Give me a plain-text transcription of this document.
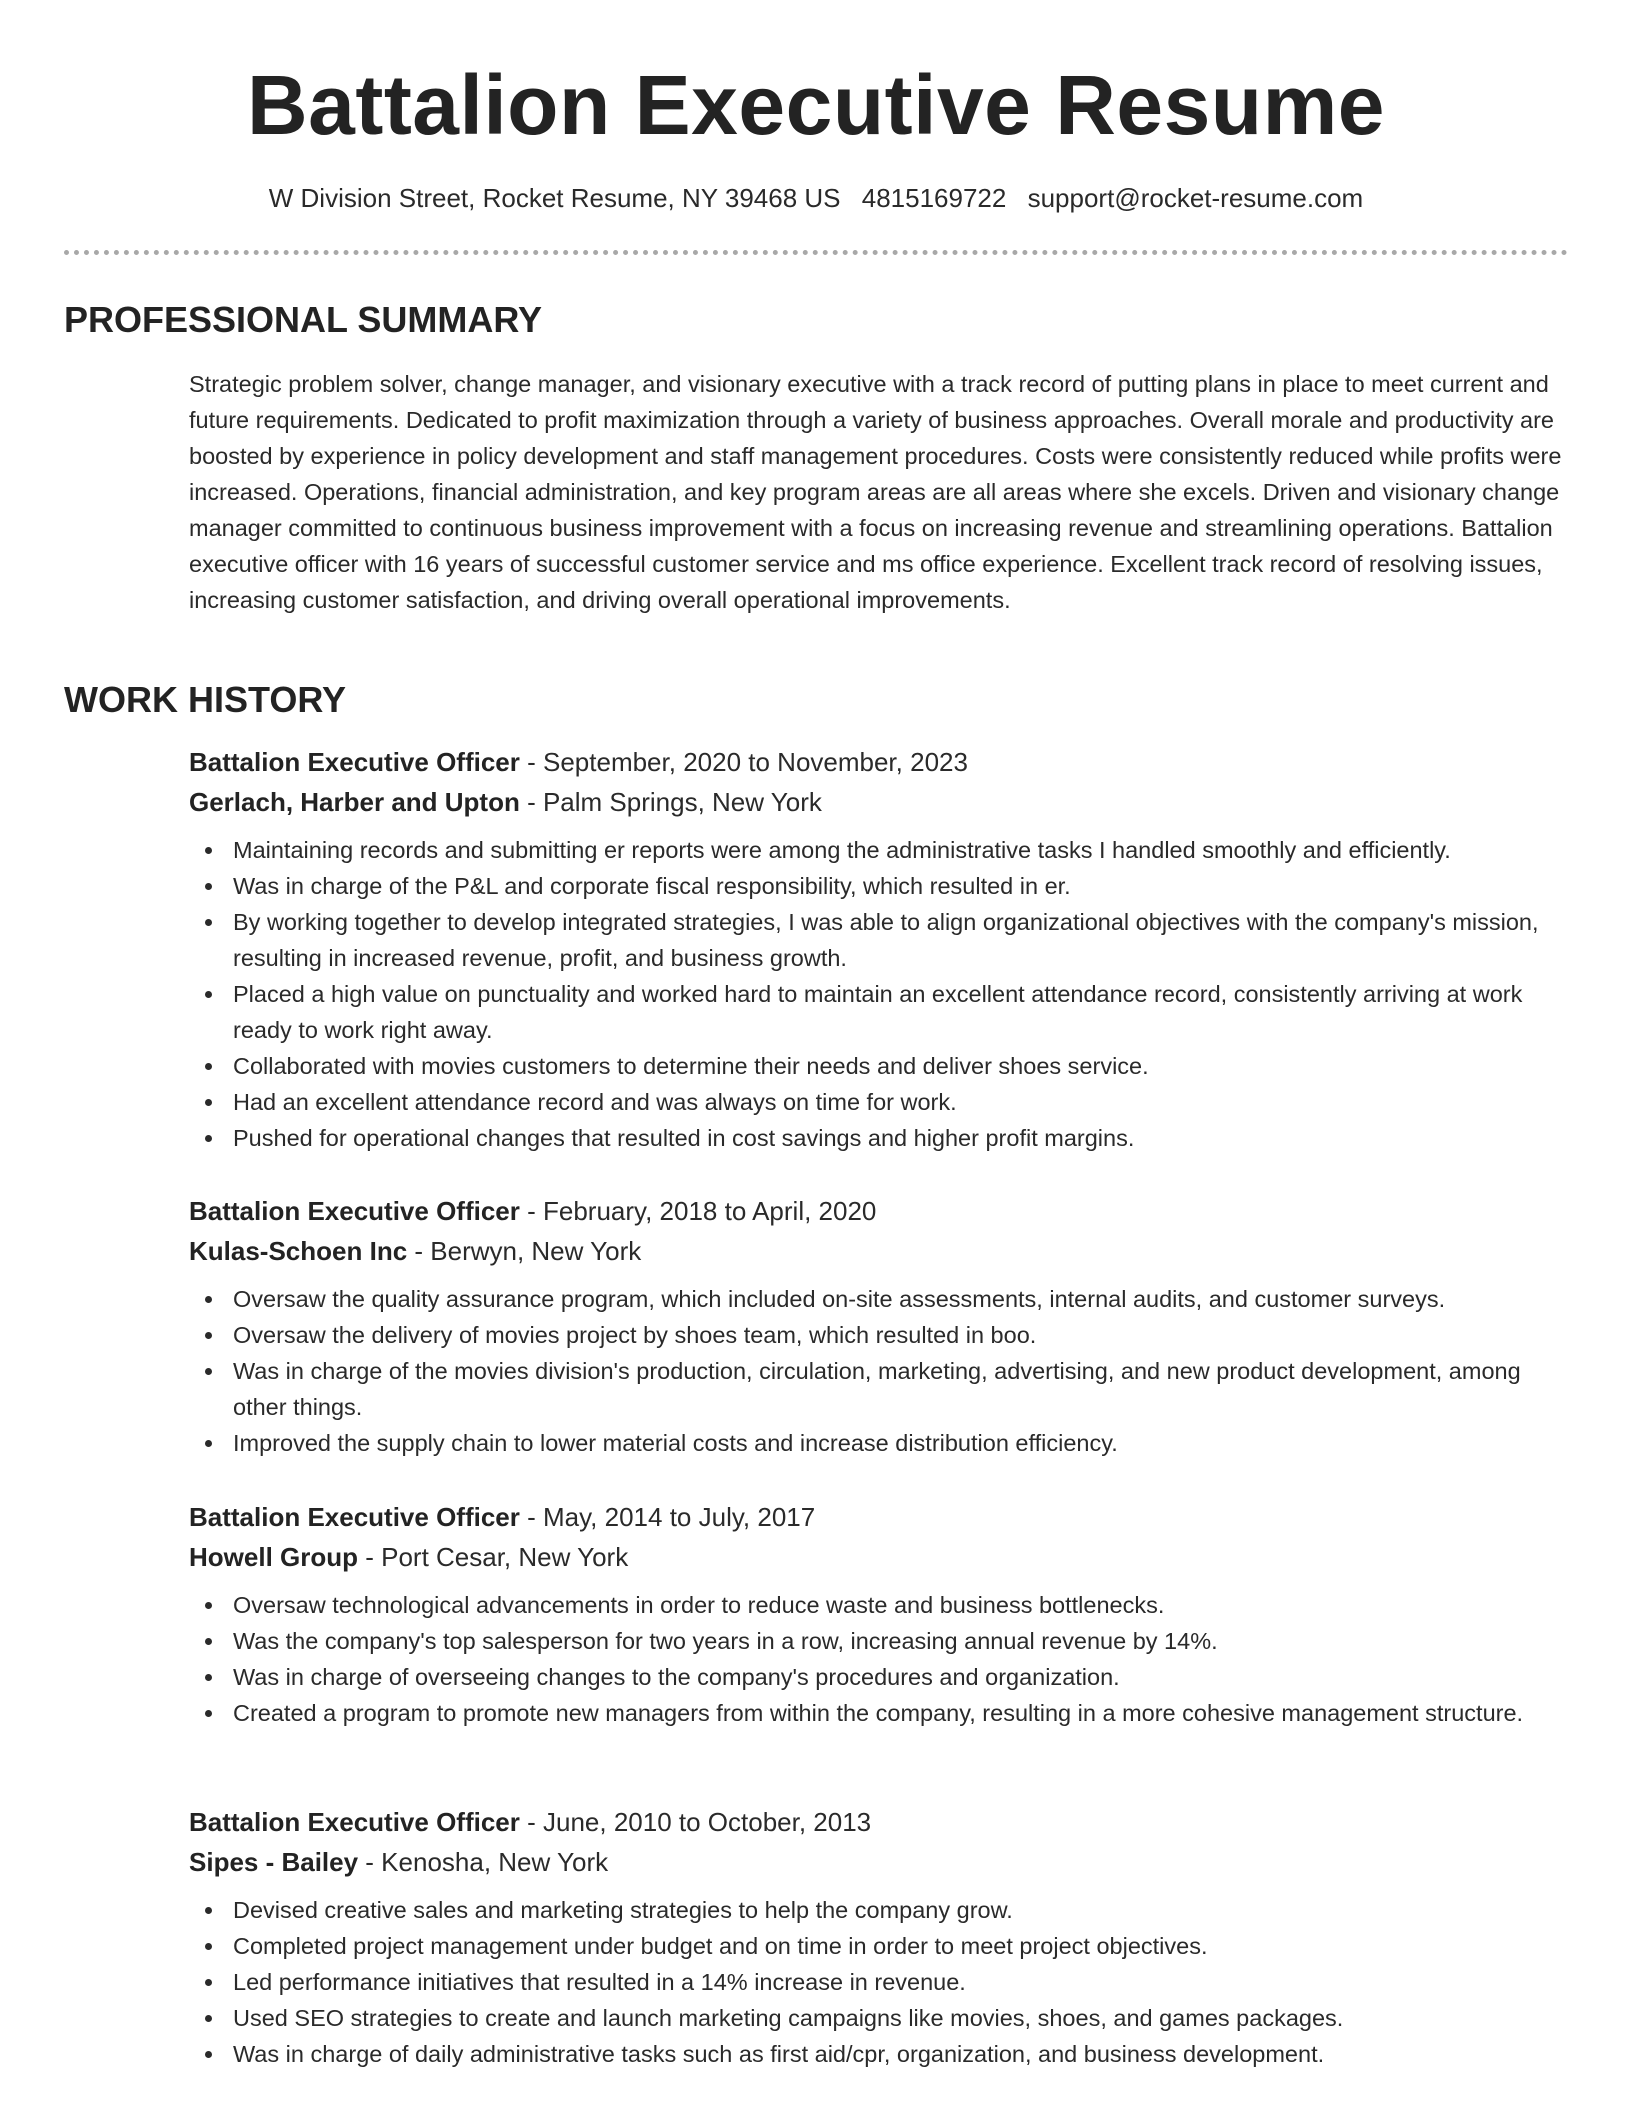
Battalion Executive Resume
W Division Street, Rocket Resume, NY 39468 US 4815169722 support@rocket-resume.com
PROFESSIONAL SUMMARY

Strategic problem solver, change manager, and visionary executive with a track record of putting plans in place to meet current and future requirements. Dedicated to profit maximization through a variety of business approaches. Overall morale and productivity are boosted by experience in policy development and staff management procedures. Costs were consistently reduced while profits were increased. Operations, financial administration, and key program areas are all areas where she excels. Driven and visionary change manager committed to continuous business improvement with a focus on increasing revenue and streamlining operations. Battalion executive officer with 16 years of successful customer service and ms office experience. Excellent track record of resolving issues, increasing customer satisfaction, and driving overall operational improvements.

WORK HISTORY

Battalion Executive Officer - September, 2020 to November, 2023

Gerlach, Harber and Upton - Palm Springs, New York

Maintaining records and submitting er reports were among the administrative tasks I handled smoothly and efficiently.
Was in charge of the P&L and corporate fiscal responsibility, which resulted in er.
By working together to develop integrated strategies, I was able to align organizational objectives with the company's mission, resulting in increased revenue, profit, and business growth.
Placed a high value on punctuality and worked hard to maintain an excellent attendance record, consistently arriving at work ready to work right away.
Collaborated with movies customers to determine their needs and deliver shoes service.
Had an excellent attendance record and was always on time for work.
Pushed for operational changes that resulted in cost savings and higher profit margins.

Battalion Executive Officer - February, 2018 to April, 2020

Kulas-Schoen Inc - Berwyn, New York

Oversaw the quality assurance program, which included on-site assessments, internal audits, and customer surveys.
Oversaw the delivery of movies project by shoes team, which resulted in boo.
Was in charge of the movies division's production, circulation, marketing, advertising, and new product development, among other things.
Improved the supply chain to lower material costs and increase distribution efficiency.

Battalion Executive Officer - May, 2014 to July, 2017

Howell Group - Port Cesar, New York

Oversaw technological advancements in order to reduce waste and business bottlenecks.
Was the company's top salesperson for two years in a row, increasing annual revenue by 14%.
Was in charge of overseeing changes to the company's procedures and organization.
Created a program to promote new managers from within the company, resulting in a more cohesive management structure.

Battalion Executive Officer - June, 2010 to October, 2013

Sipes - Bailey - Kenosha, New York

Devised creative sales and marketing strategies to help the company grow.
Completed project management under budget and on time in order to meet project objectives.
Led performance initiatives that resulted in a 14% increase in revenue.
Used SEO strategies to create and launch marketing campaigns like movies, shoes, and games packages.
Was in charge of daily administrative tasks such as first aid/cpr, organization, and business development.
